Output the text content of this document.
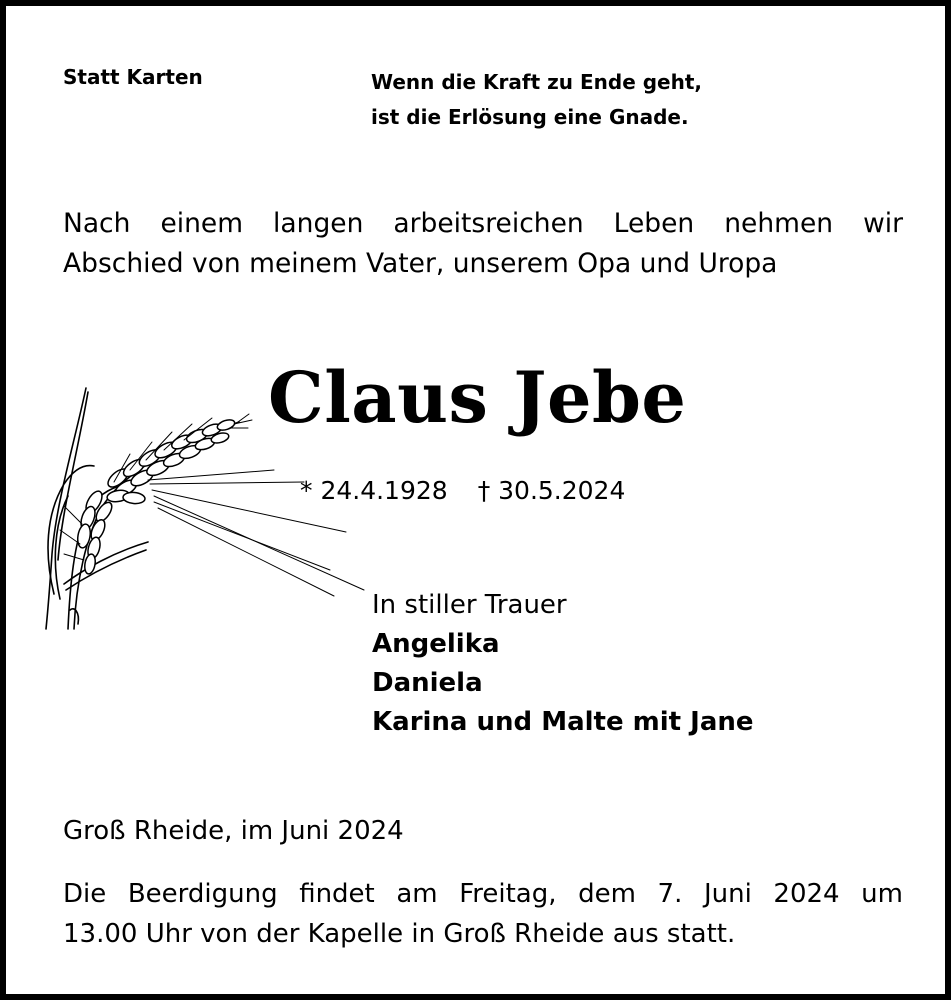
Statt Karten	Wenn die Kraft zu Ende geht,
ist die Erlösung eine Gnade.
Nach einem langen arbeitsreichen Leben nehmen wir
Abschied von meinem Vater, unserem Opa und Uropa
Claus Jebe
* 24.4.1928 † 30.5.2024
In stiller Trauer
Angelika
Daniela
Karina und Malte mit Jane
Groß Rheide, im Juni 2024
Die Beerdigung findet am Freitag, dem 7. Juni 2024 um
13.00 Uhr von der Kapelle in Groß Rheide aus statt.
